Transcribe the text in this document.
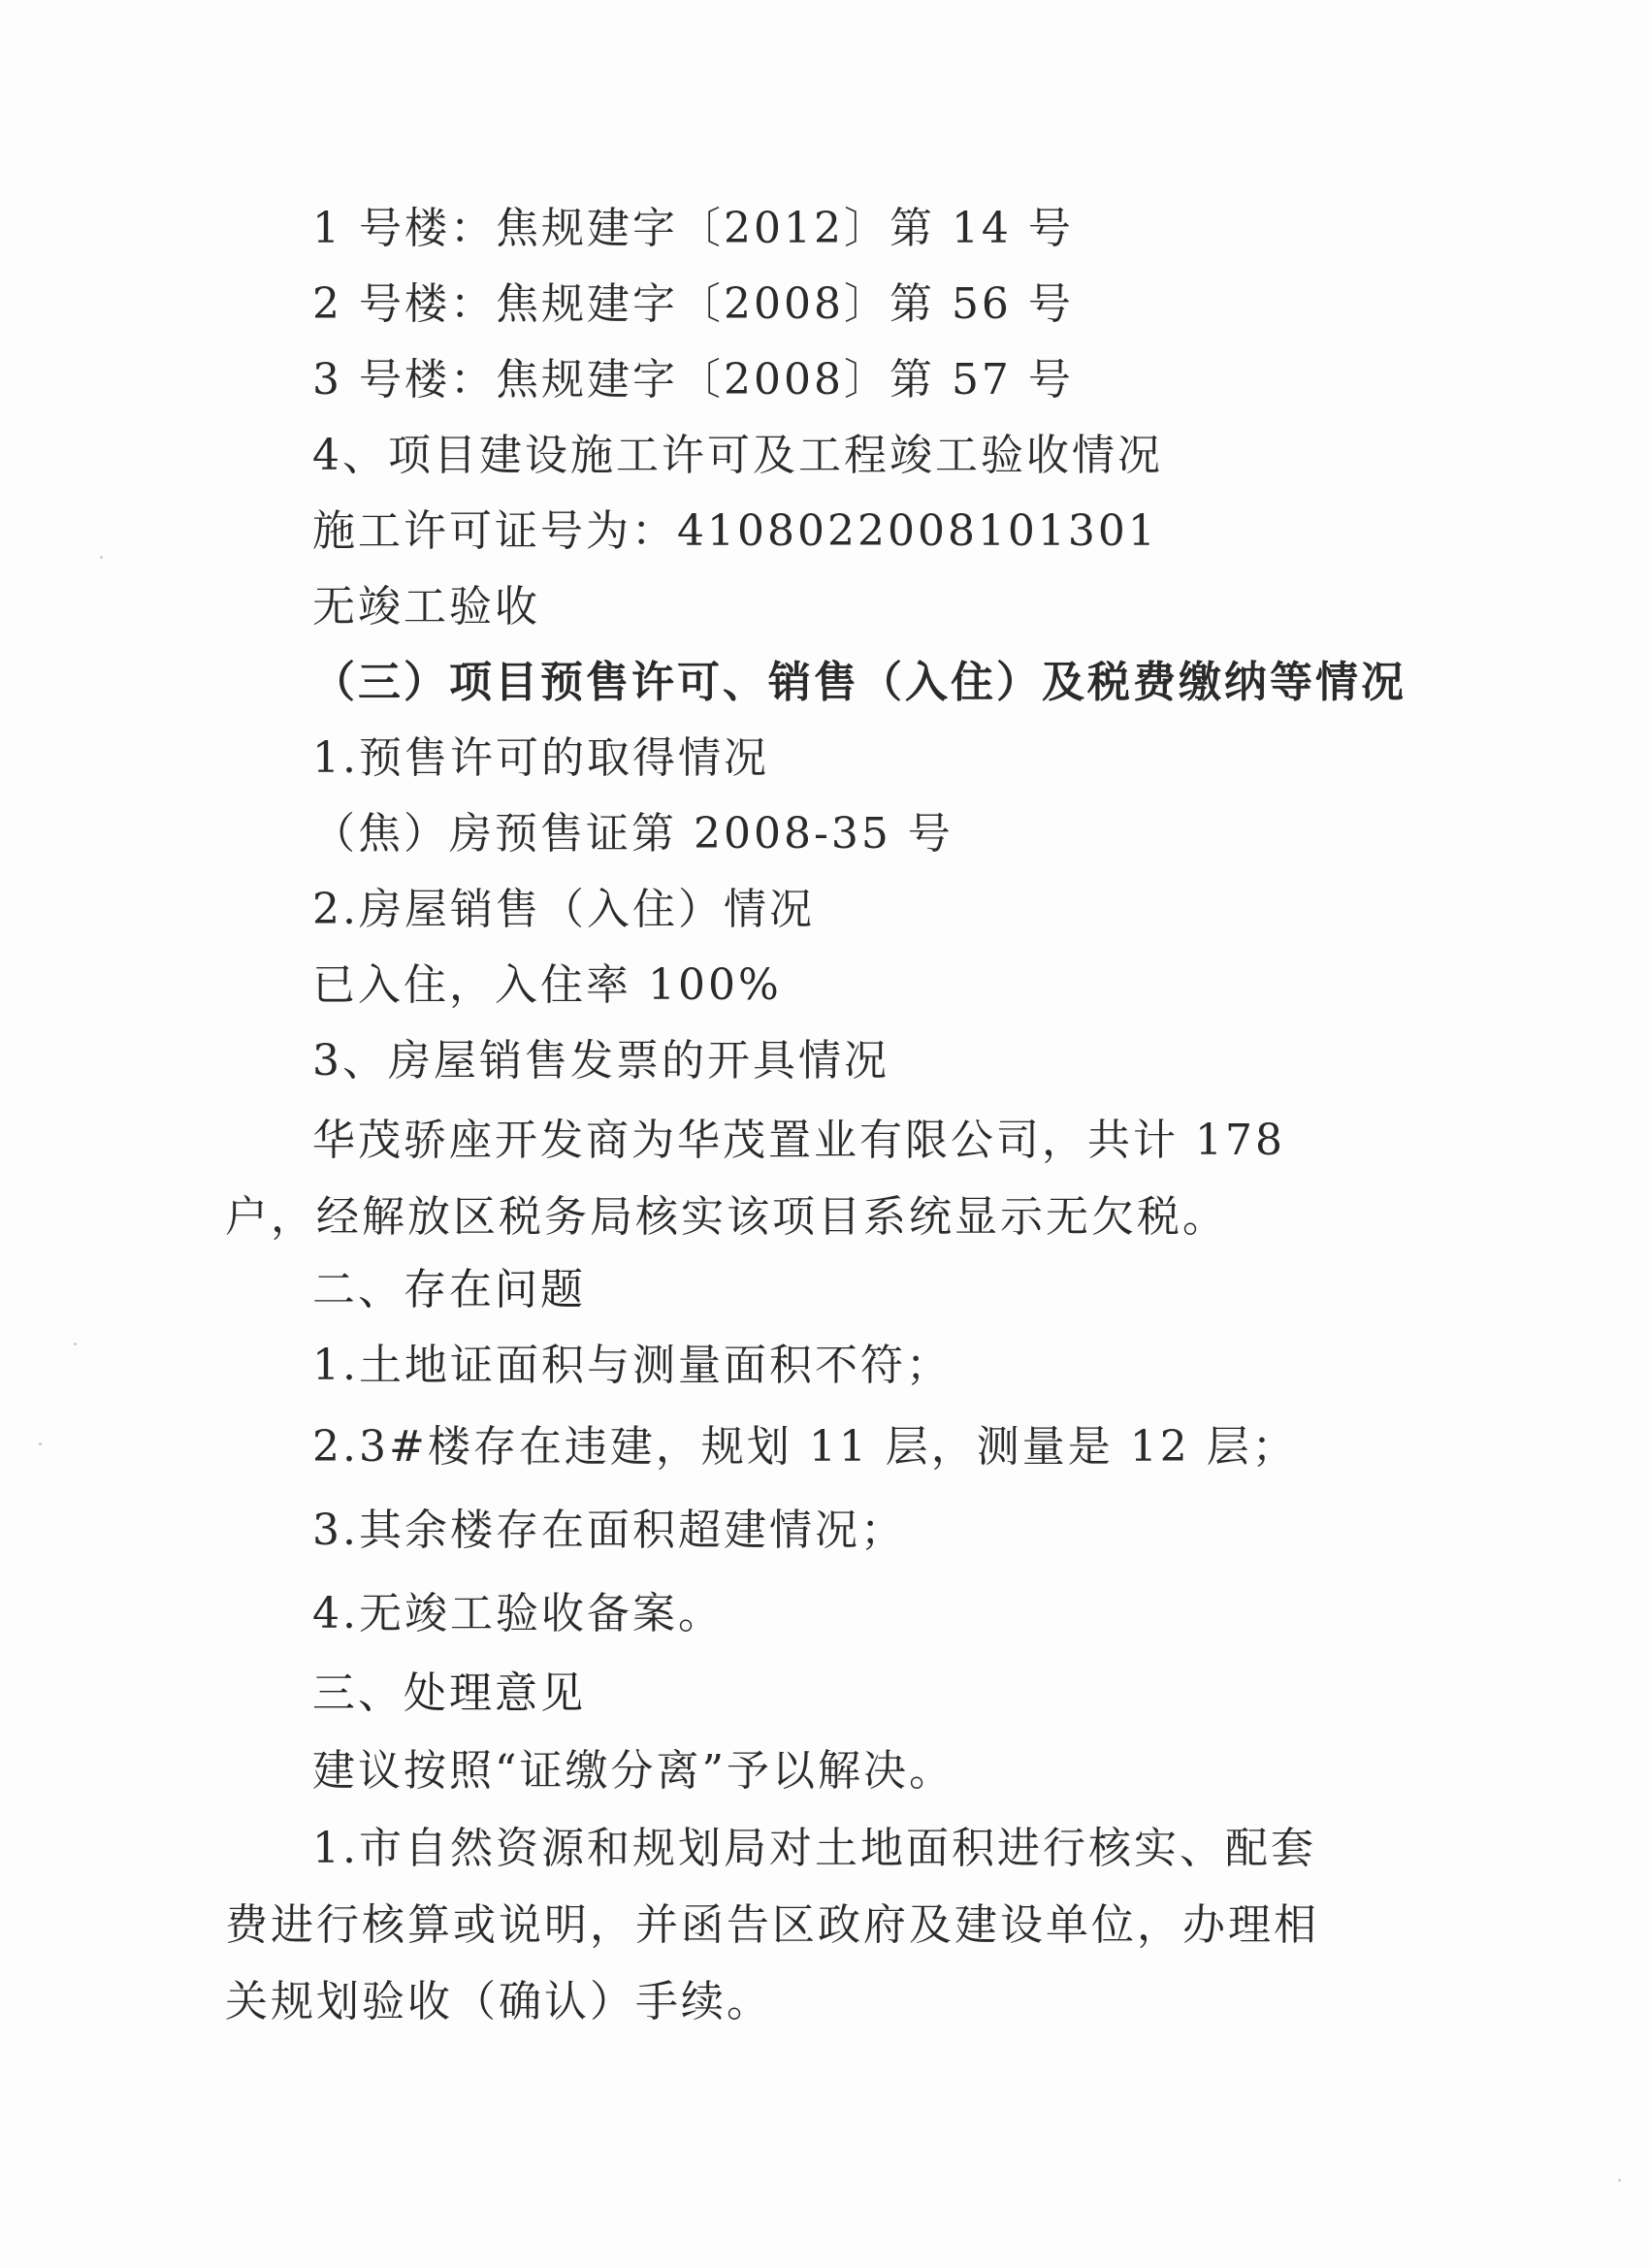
1 号楼：焦规建字〔2012〕第 14 号
2 号楼：焦规建字〔2008〕第 56 号
3 号楼：焦规建字〔2008〕第 57 号
4、项目建设施工许可及工程竣工验收情况
施工许可证号为：410802200810​1301
无竣工验收
（三）项目预售许可、销售（入住）及税费缴纳等情况
1.预售许可的取得情况
（焦）房预售证第 2008-35 号
2.房屋销售（入住）情况
已入住，入住率 100%
3、房屋销售发票的开具情况
华茂骄座开发商为华茂置业有限公司，共计 178 户，经解放区税务局核实该项目系统显示无欠税。
二、存在问题
1.土地证面积与测量面积不符；
2.3#楼存在违建，规划 11 层，测量是 12 层；
3.其余楼存在面积超建情况；
4.无竣工验收备案。
三、处理意见
建议按照“证缴分离”予以解决。
1.市自然资源和规划局对土地面积进行核实、配套费进行核算或说明，并函告区政府及建设单位，办理相关规划验收（确认）手续。
